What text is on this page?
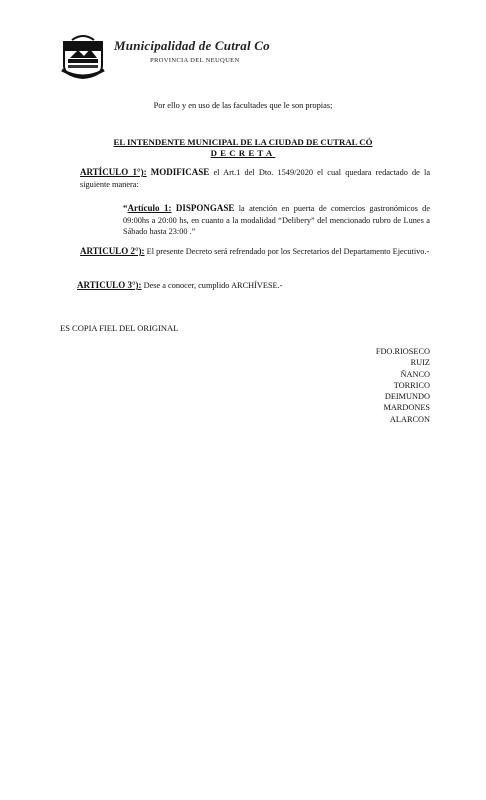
Municipalidad de Cutral Co
PROVINCIA DEL NEUQUEN
Por ello y en uso de las facultades que le son propias;
EL INTENDENTE MUNICIPAL DE LA CIUDAD DE CUTRAL CÓ
DECRETA
ARTÍCULO 1°): MODIFICASE el Art.1 del Dto. 1549/2020 el cual quedara redactado de la siguiente manera:
“Artículo 1: DISPONGASE la atención en puerta de comercios gastronómicos de 09:00hs a 20:00 hs, en cuanto a la modalidad “Delibery” del mencionado rubro de Lunes a Sábado hasta 23:00 .”
ARTICULO 2°): El presente Decreto será refrendado por los Secretarios del Departamento Ejecutivo.-
ARTICULO 3°): Dese a conocer, cumplido ARCHÍVESE.-
ES COPIA FIEL DEL ORIGINAL
FDO.RIOSECO
RUIZ
ÑANCO
TORRICO
DEIMUNDO
MARDONES
ALARCON
